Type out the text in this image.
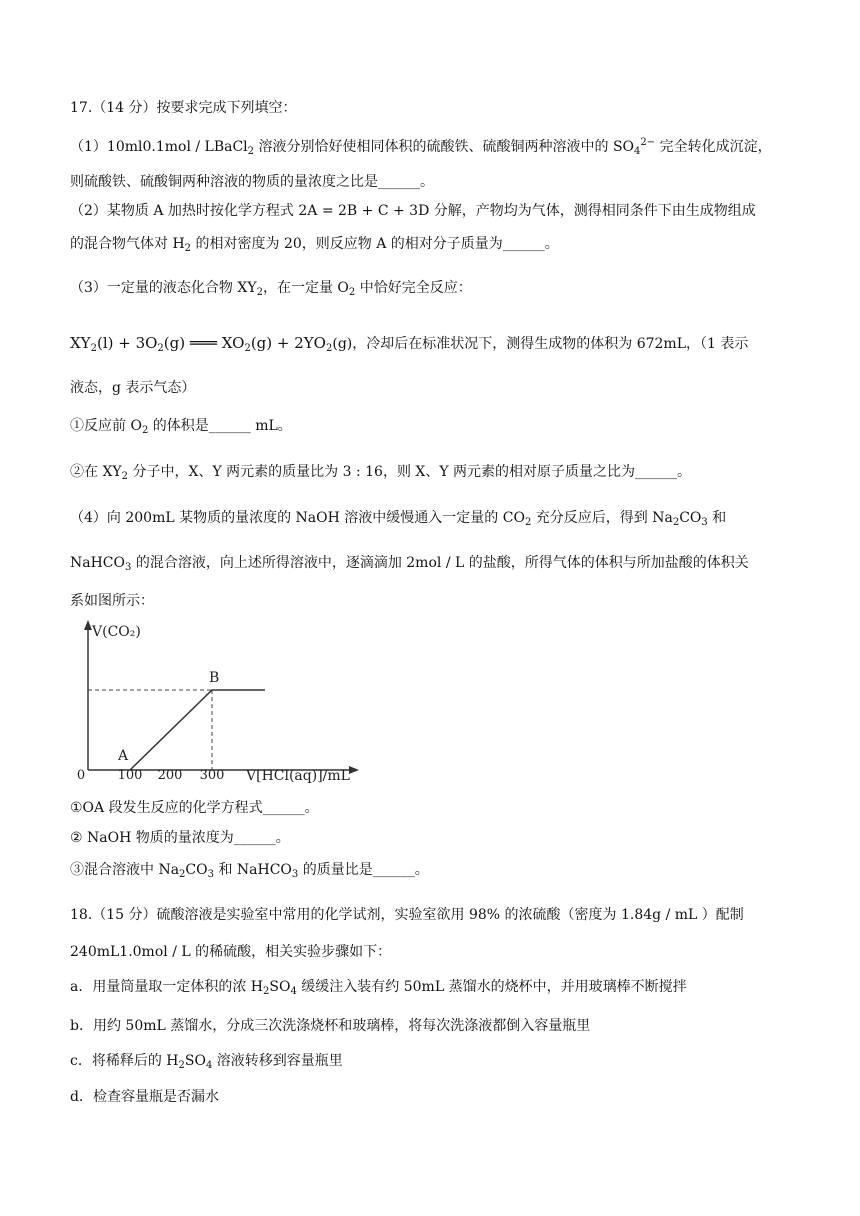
17.（14 分）按要求完成下列填空：
（1）10ml0.1mol / LBaCl$_2$ 溶液分别恰好使相同体积的硫酸铁、硫酸铜两种溶液中的 $SO_4^{2-}$ 完全转化成沉淀，
则硫酸铁、硫酸铜两种溶液的物质的量浓度之比是______。
（2）某物质 A 加热时按化学方程式 2A = 2B + C + 3D 分解，产物均为气体，测得相同条件下由生成物组成
的混合物气体对 $H_2$ 的相对密度为 20，则反应物 A 的相对分子质量为______。
（3）一定量的液态化合物 $XY_2$，在一定量 $O_2$ 中恰好完全反应：
$XY_2(l) + 3O_2(g)$ ═══ $XO_2(g) + 2YO_2(g)$，冷却后在标准状况下，测得生成物的体积为 672mL，（1 表示
液态，g 表示气态）
①反应前 $O_2$ 的体积是______ mL。
②在 $XY_2$ 分子中，X、Y 两元素的质量比为 3 : 16，则 X、Y 两元素的相对原子质量之比为______。
（4）向 200mL 某物质的量浓度的 NaOH 溶液中缓慢通入一定量的 $CO_2$ 充分反应后，得到 $Na_2CO_3$ 和
NaHCO$_3$ 的混合溶液，向上述所得溶液中，逐滴滴加 2mol / L 的盐酸，所得气体的体积与所加盐酸的体积关
系如图所示：
V(CO₂)
V[HCl(aq)]/mL
0 100 200 300
A
B
①OA 段发生反应的化学方程式______。
② NaOH 物质的量浓度为______。
③混合溶液中 $Na_2CO_3$ 和 NaHCO$_3$ 的质量比是______。
18.（15 分）硫酸溶液是实验室中常用的化学试剂，实验室欲用 98% 的浓硫酸（密度为 1.84g / mL ）配制
240mL1.0mol / L 的稀硫酸，相关实验步骤如下：
a．用量筒量取一定体积的浓 $H_2SO_4$ 缓缓注入装有约 50mL 蒸馏水的烧杯中，并用玻璃棒不断搅拌
b．用约 50mL 蒸馏水，分成三次洗涤烧杯和玻璃棒，将每次洗涤液都倒入容量瓶里
c．将稀释后的 $H_2SO_4$ 溶液转移到容量瓶里
d．检查容量瓶是否漏水
